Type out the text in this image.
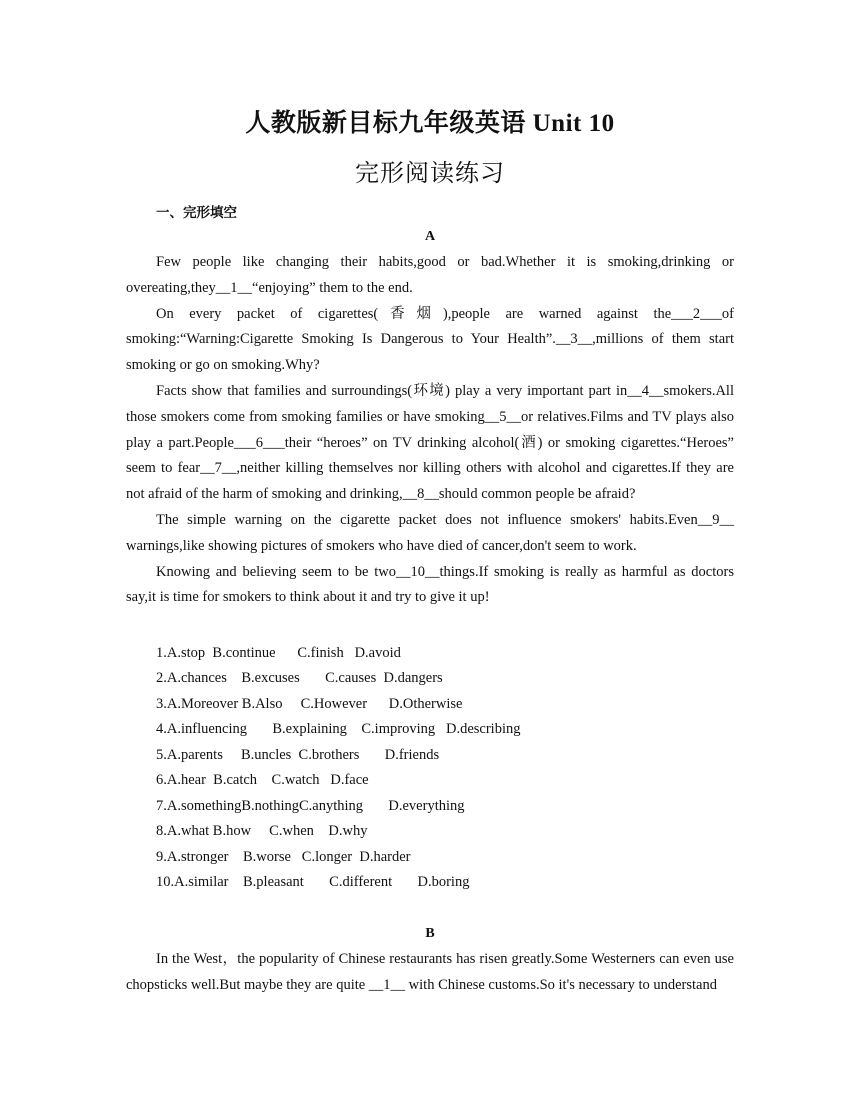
人教版新目标九年级英语 Unit 10
完形阅读练习
一、完形填空
A

Few people like changing their habits,good or bad.Whether it is smoking,drinking or overeating,they__1__“enjoying” them to the end.

On every packet of cigarettes(香烟),people are warned against the___2___of smoking:“Warning:Cigarette Smoking Is Dangerous to Your Health”.__3__,millions of them start smoking or go on smoking.Why?

Facts show that families and surroundings(环境) play a very important part in__4__smokers.All those smokers come from smoking families or have smoking__5__or relatives.Films and TV plays also play a part.People___6___their “heroes” on TV drinking alcohol(酒) or smoking cigarettes.“Heroes” seem to fear__7__,neither killing themselves nor killing others with alcohol and cigarettes.If they are not afraid of the harm of smoking and drinking,__8__should common people be afraid?

The simple warning on the cigarette packet does not influence smokers' habits.Even__9__ warnings,like showing pictures of smokers who have died of cancer,don't seem to work.

Knowing and believing seem to be two__10__things.If smoking is really as harmful as doctors say,it is time for smokers to think about it and try to give it up!

1.A.stop  B.continue      C.finish   D.avoid
2.A.chances    B.excuses       C.causes  D.dangers
3.A.Moreover B.Also     C.However      D.Otherwise
4.A.influencing       B.explaining    C.improving   D.describing
5.A.parents     B.uncles  C.brothers       D.friends
6.A.hear  B.catch    C.watch   D.face
7.A.somethingB.nothingC.anything       D.everything
8.A.what B.how     C.when    D.why
9.A.stronger    B.worse   C.longer  D.harder
10.A.similar    B.pleasant       C.different       D.boring
B

In the West，the popularity of Chinese restaurants has risen greatly.Some Westerners can even use chopsticks well.But maybe they are quite __1__ with Chinese customs.So it's necessary to understand
